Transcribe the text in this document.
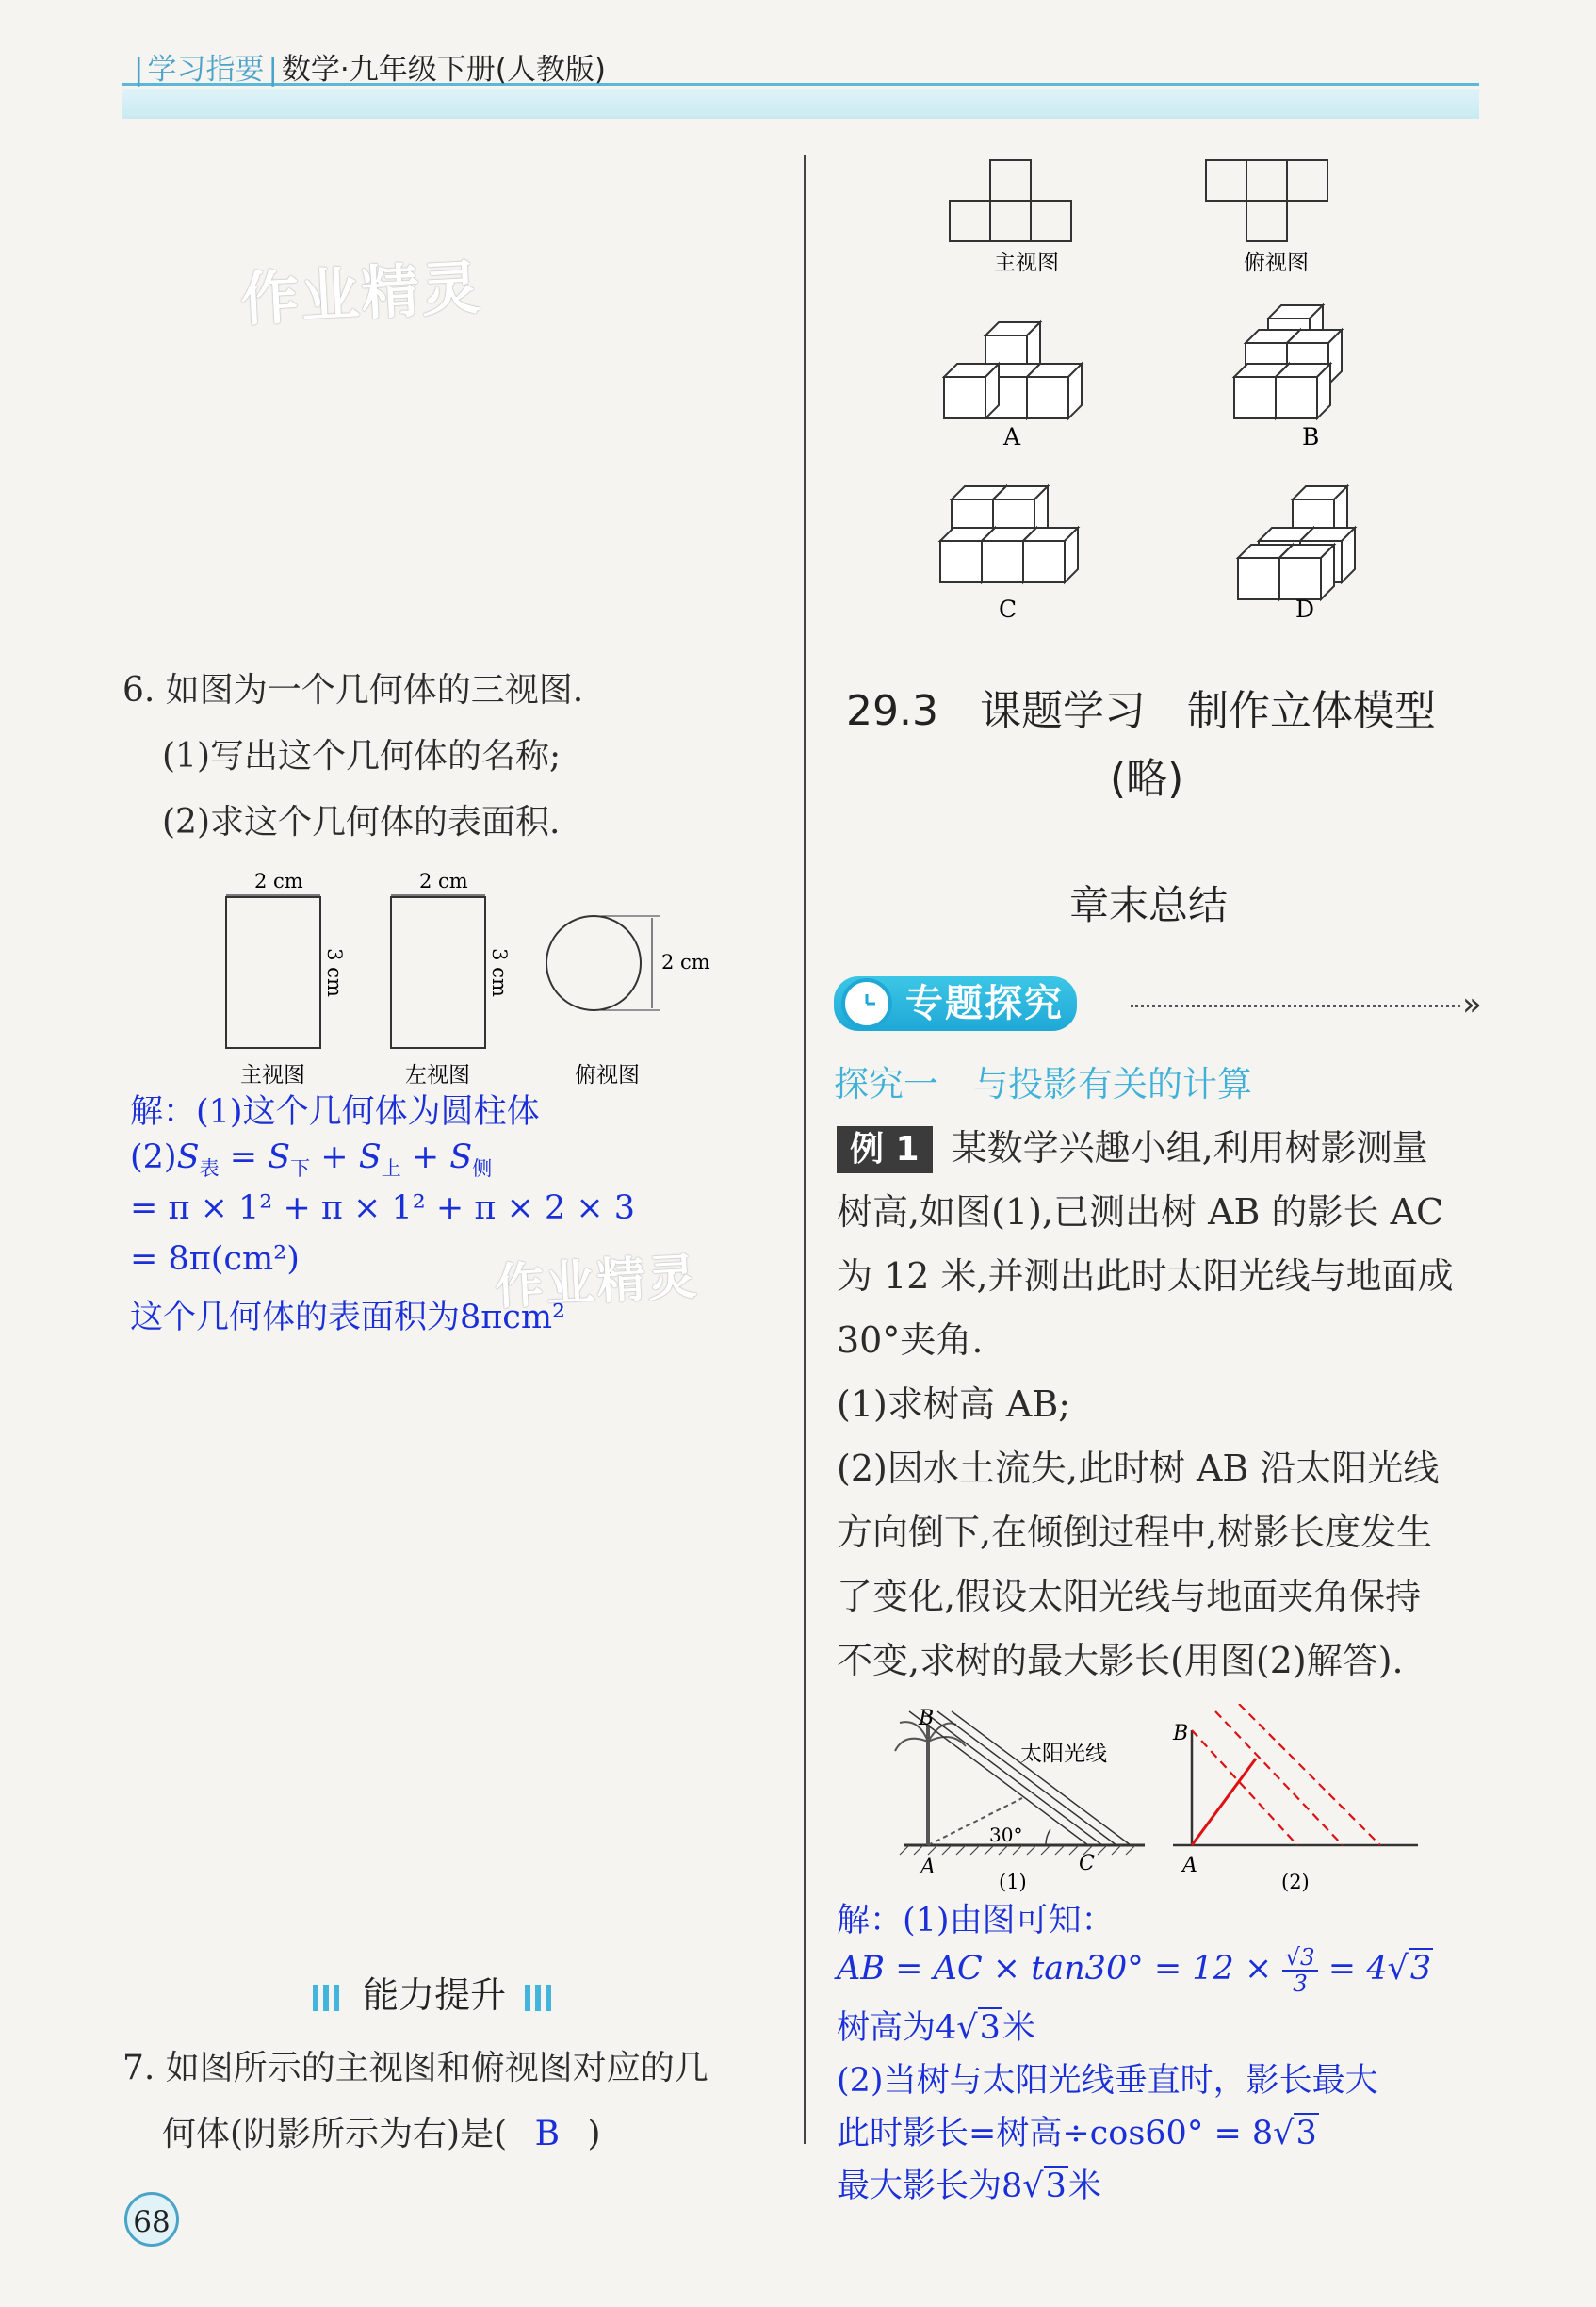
| 学习指要 | 数学·九年级下册(人教版)
作业精灵
作业精灵
6. 如图为一个几何体的三视图.
(1)写出这个几何体的名称;
(2)求这个几何体的表面积.
2 cm
3 cm
主视图
2 cm
3 cm
左视图
2 cm
俯视图
解：(1)这个几何体为圆柱体
$(2)S_表 = S_下 + S_上 + S_侧$
= π × 1² + π × 1² + π × 2 × 3
= 8π(cm²)
这个几何体的表面积为8πcm²
能力提升
7. 如图所示的主视图和俯视图对应的几
何体(阴影所示为右)是( B )
68
主视图	俯视图
A	B
C	D
29.3　课题学习　制作立体模型
(略)
章末总结
专题探究	»
探究一　与投影有关的计算
例 1 某数学兴趣小组,利用树影测量
树高,如图(1),已测出树 AB 的影长 AC
为 12 米,并测出此时太阳光线与地面成
30°夹角.
(1)求树高 AB;
(2)因水土流失,此时树 AB 沿太阳光线
方向倒下,在倾倒过程中,树影长度发生
了变化,假设太阳光线与地面夹角保持
不变,求树的最大影长(用图(2)解答).
B
A	C
30°
太阳光线
(1)
B
A
(2)
解：(1)由图可知：
AB = AC × $\tan 30^\circ = 12 \times \frac{√3}{3} = 4√3$
树高为4√3米
(2)当树与太阳光线垂直时，影长最大
此时影长=树高÷cos60° = 8√3
最大影长为8√3米
